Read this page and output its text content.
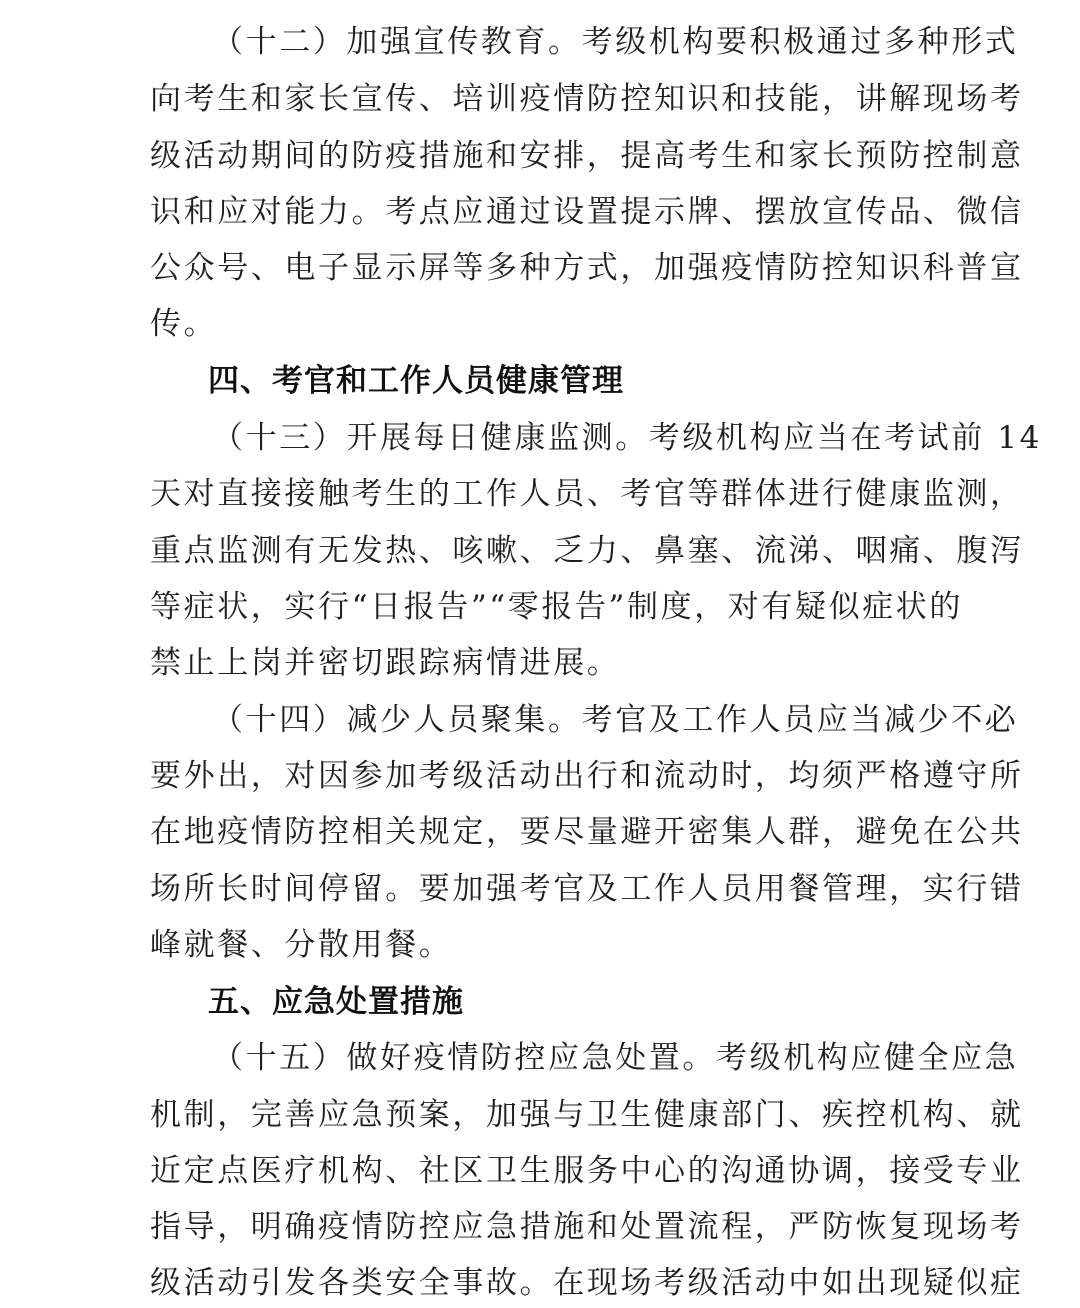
（十二）加强宣传教育。考级机构要积极通过多种形式
向考生和家长宣传、培训疫情防控知识和技能，讲解现场考
级活动期间的防疫措施和安排，提高考生和家长预防控制意
识和应对能力。考点应通过设置提示牌、摆放宣传品、微信
公众号、电子显示屏等多种方式，加强疫情防控知识科普宣
传。
四、考官和工作人员健康管理
（十三）开展每日健康监测。考级机构应当在考试前 14
天对直接接触考生的工作人员、考官等群体进行健康监测，
重点监测有无发热、咳嗽、乏力、鼻塞、流涕、咽痛、腹泻
等症状，实行“日报告”“零报告”制度，对有疑似症状的
禁止上岗并密切跟踪病情进展。
（十四）减少人员聚集。考官及工作人员应当减少不必
要外出，对因参加考级活动出行和流动时，均须严格遵守所
在地疫情防控相关规定，要尽量避开密集人群，避免在公共
场所长时间停留。要加强考官及工作人员用餐管理，实行错
峰就餐、分散用餐。
五、应急处置措施
（十五）做好疫情防控应急处置。考级机构应健全应急
机制，完善应急预案，加强与卫生健康部门、疾控机构、就
近定点医疗机构、社区卫生服务中心的沟通协调，接受专业
指导，明确疫情防控应急措施和处置流程，严防恢复现场考
级活动引发各类安全事故。在现场考级活动中如出现疑似症
